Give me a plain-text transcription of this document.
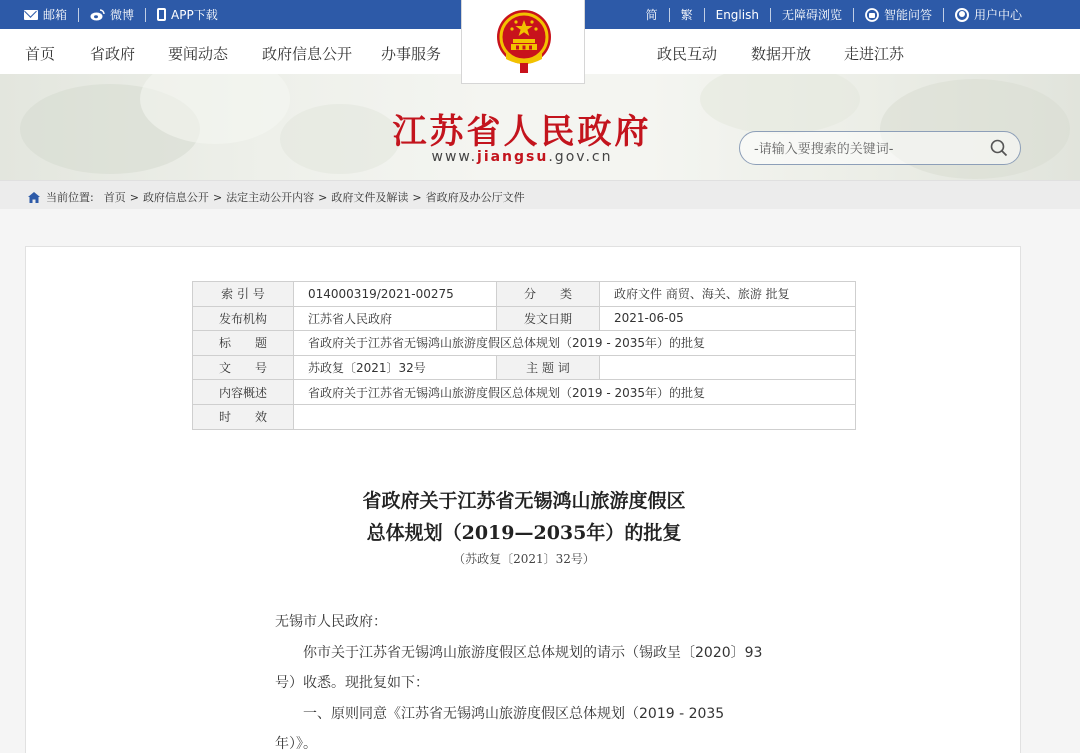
邮箱	微博	APP下载	简 繁 English 无障碍浏览	智能问答	用户中心
首页 省政府 要闻动态 政府信息公开 办事服务	政民互动 数据开放 走进江苏
江苏省人民政府
www.jiangsu.gov.cn
-请输入要搜索的关键词-
当前位置: 首页 > 政府信息公开 > 法定主动公开内容 > 政府文件及解读 > 省政府及办公厅文件
索 引 号	014000319/2021-00275	分　　类	政府文件 商贸、海关、旅游 批复
发布机构	江苏省人民政府	发文日期	2021-06-05
标　　题	省政府关于江苏省无锡鸿山旅游度假区总体规划（2019 - 2035年）的批复		
文　　号	苏政复〔2021〕32号	主 题 词	
内容概述	省政府关于江苏省无锡鸿山旅游度假区总体规划（2019 - 2035年）的批复		
时　　效			
省政府关于江苏省无锡鸿山旅游度假区
总体规划（2019—2035年）的批复
（苏政复〔2021〕32号）

无锡市人民政府：

你市关于江苏省无锡鸿山旅游度假区总体规划的请示（锡政呈〔2020〕93

号）收悉。现批复如下：

一、原则同意《江苏省无锡鸿山旅游度假区总体规划（2019 - 2035

年）》。
